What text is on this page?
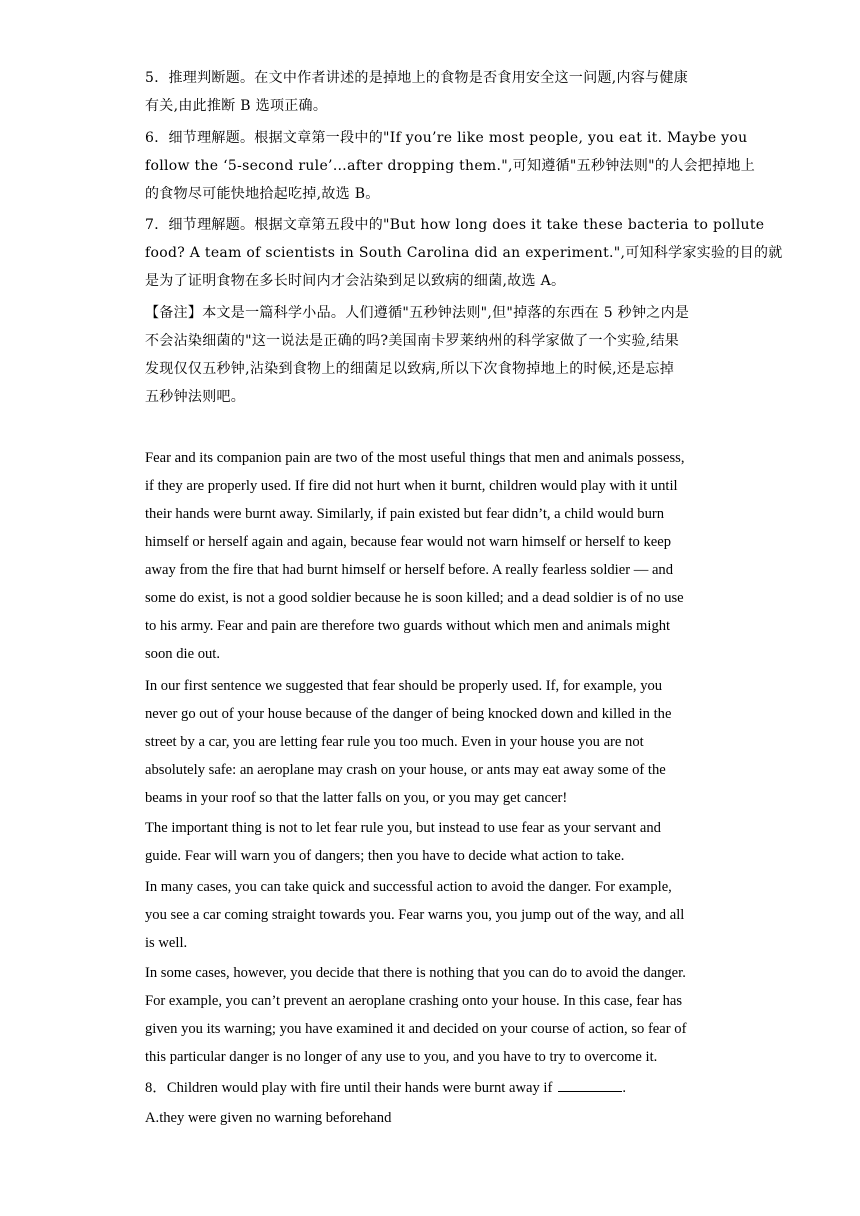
5．推理判断题。在文中作者讲述的是掉地上的食物是否食用安全这一问题,内容与健康
有关,由此推断 B 选项正确。
6．细节理解题。根据文章第一段中的"If you’re like most people, you eat it. Maybe you
follow the ‘5-second rule’…after dropping them.",可知遵循"五秒钟法则"的人会把掉地上
的食物尽可能快地拾起吃掉,故选 B。
7．细节理解题。根据文章第五段中的"But how long does it take these bacteria to pollute
food? A team of scientists in South Carolina did an experiment.",可知科学家实验的目的就
是为了证明食物在多长时间内才会沾染到足以致病的细菌,故选 A。
【备注】本文是一篇科学小品。人们遵循"五秒钟法则",但"掉落的东西在 5 秒钟之内是
不会沾染细菌的"这一说法是正确的吗?美国南卡罗莱纳州的科学家做了一个实验,结果
发现仅仅五秒钟,沾染到食物上的细菌足以致病,所以下次食物掉地上的时候,还是忘掉
五秒钟法则吧。
Fear and its companion pain are two of the most useful things that men and animals possess,
if they are properly used. If fire did not hurt when it burnt, children would play with it until
their hands were burnt away. Similarly, if pain existed but fear didn’t, a child would burn
himself or herself again and again, because fear would not warn himself or herself to keep
away from the fire that had burnt himself or herself before. A really fearless soldier — and
some do exist, is not a good soldier because he is soon killed; and a dead soldier is of no use
to his army. Fear and pain are therefore two guards without which men and animals might
soon die out.
In our first sentence we suggested that fear should be properly used. If, for example, you
never go out of your house because of the danger of being knocked down and killed in the
street by a car, you are letting fear rule you too much. Even in your house you are not
absolutely safe: an aeroplane may crash on your house, or ants may eat away some of the
beams in your roof so that the latter falls on you, or you may get cancer!
The important thing is not to let fear rule you, but instead to use fear as your servant and
guide. Fear will warn you of dangers; then you have to decide what action to take.
In many cases, you can take quick and successful action to avoid the danger. For example,
you see a car coming straight towards you. Fear warns you, you jump out of the way, and all
is well.
In some cases, however, you decide that there is nothing that you can do to avoid the danger.
For example, you can’t prevent an aeroplane crashing onto your house. In this case, fear has
given you its warning; you have examined it and decided on your course of action, so fear of
this particular danger is no longer of any use to you, and you have to try to overcome it.
8．Children would play with fire until their hands were burnt away if	.
A.they were given no warning beforehand
